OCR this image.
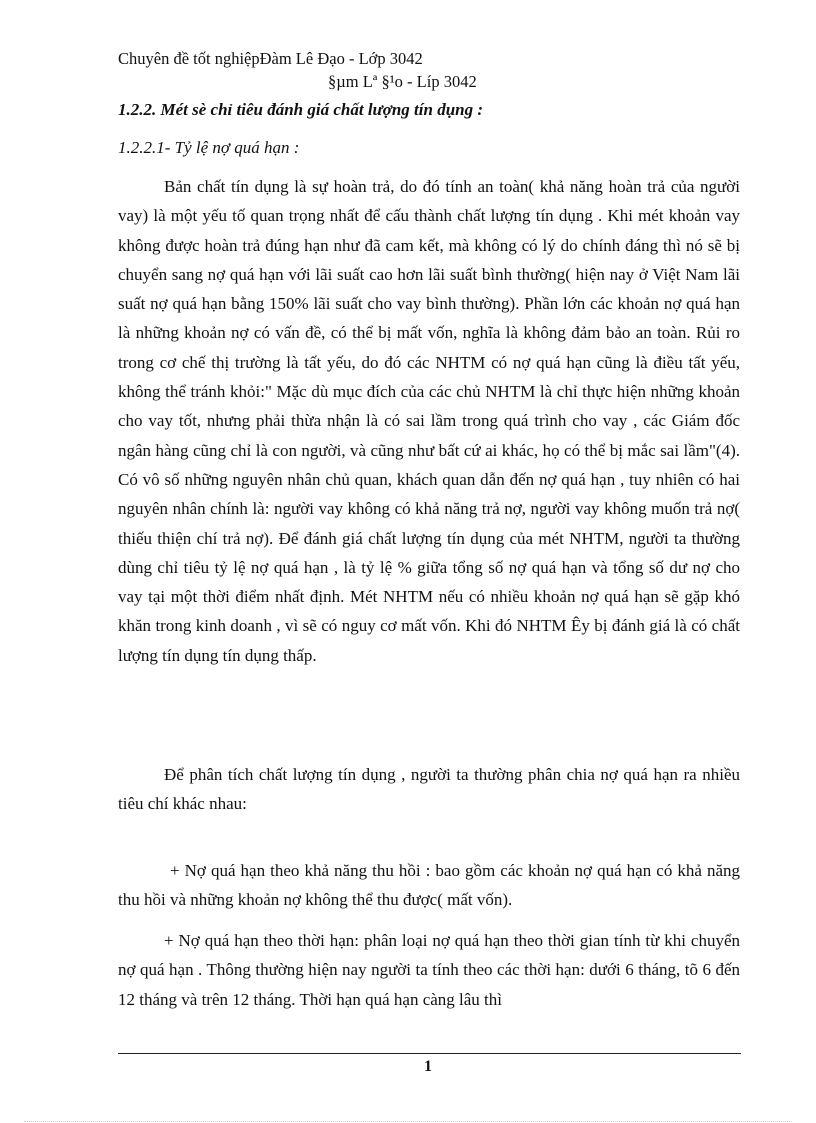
Chuyên đề tốt nghiệpĐàm Lê Đạo - Lớp 3042
§µm Lª §¹o - Líp 3042
1.2.2. Mét sè chỉ tiêu đánh giá chất lượng tín dụng :
1.2.2.1- Tỷ lệ nợ quá hạn :

Bản chất tín dụng là sự hoàn trả, do đó tính an toàn( khả năng hoàn trả của người vay) là một yếu tố quan trọng nhất để cấu thành chất lượng tín dụng . Khi mét khoản vay không được hoàn trả đúng hạn như đã cam kết, mà không có lý do chính đáng thì nó sẽ bị chuyển sang nợ quá hạn với lãi suất cao hơn lãi suất bình thường( hiện nay ở Việt Nam lãi suất nợ quá hạn bằng 150% lãi suất cho vay bình thường). Phần lớn các khoản nợ quá hạn là những khoản nợ có vấn đề, có thể bị mất vốn, nghĩa là không đảm bảo an toàn. Rủi ro trong cơ chế thị trường là tất yếu, do đó các NHTM có nợ quá hạn cũng là điều tất yếu, không thể tránh khỏi:" Mặc dù mục đích của các chủ NHTM là chỉ thực hiện những khoản cho vay tốt, nhưng phải thừa nhận là có sai lầm trong quá trình cho vay , các Giám đốc ngân hàng cũng chỉ là con người, và cũng như bất cứ ai khác, họ có thể bị mắc sai lầm"(4). Có vô số những nguyên nhân chủ quan, khách quan dẫn đến nợ quá hạn , tuy nhiên có hai nguyên nhân chính là: người vay không có khả năng trả nợ, người vay không muốn trả nợ( thiếu thiện chí trả nợ). Để đánh giá chất lượng tín dụng của mét NHTM, người ta thường dùng chỉ tiêu tỷ lệ nợ quá hạn , là tỷ lệ % giữa tổng số nợ quá hạn và tổng số dư nợ cho vay tại một thời điểm nhất định. Mét NHTM nếu có nhiều khoản nợ quá hạn sẽ gặp khó khăn trong kinh doanh , vì sẽ có nguy cơ mất vốn. Khi đó NHTM Êy bị đánh giá là có chất lượng tín dụng tín dụng thấp.

Để phân tích chất lượng tín dụng , người ta thường phân chia nợ quá hạn ra nhiều tiêu chí khác nhau:

+ Nợ quá hạn theo khả năng thu hồi : bao gồm các khoản nợ quá hạn có khả năng thu hồi và những khoản nợ không thể thu được( mất vốn).

+ Nợ quá hạn theo thời hạn: phân loại nợ quá hạn theo thời gian tính từ khi chuyển nợ quá hạn . Thông thường hiện nay người ta tính theo các thời hạn: dưới 6 tháng, tõ 6 đến 12 tháng và trên 12 tháng. Thời hạn quá hạn càng lâu thì

1
